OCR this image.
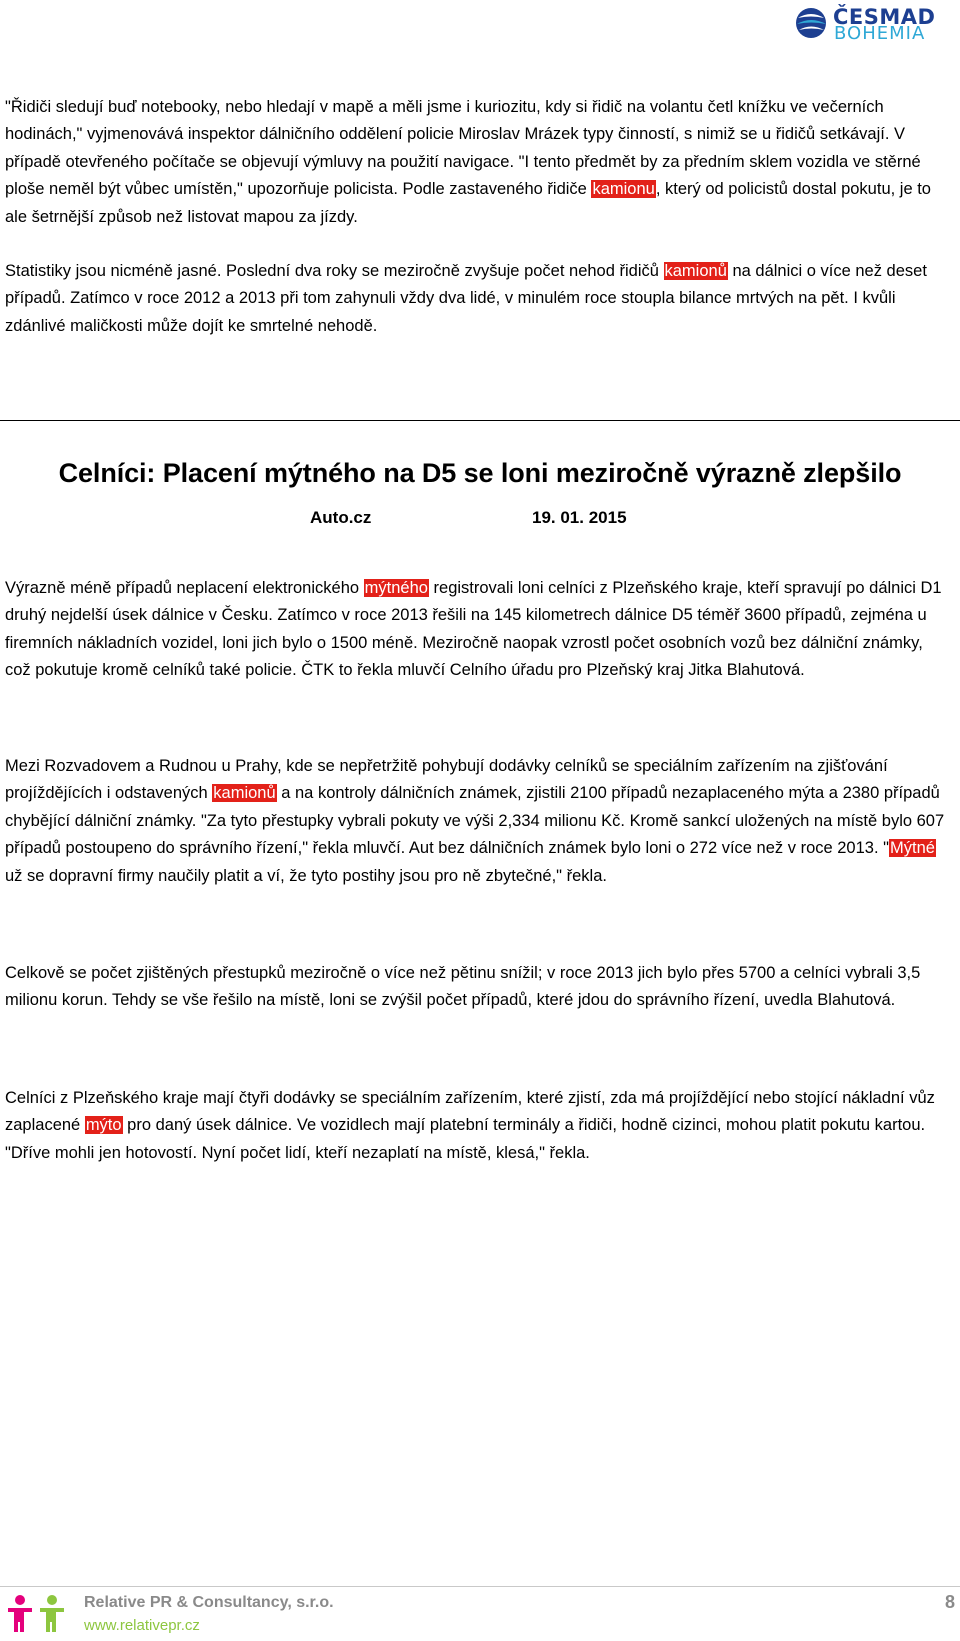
ČESMAD
BOHEMIA

"Řidiči sledují buď notebooky, nebo hledají v mapě a měli jsme i kuriozitu, kdy si řidič na volantu četl knížku ve večerních hodinách," vyjmenovává inspektor dálničního oddělení policie Miroslav Mrázek typy činností, s nimiž se u řidičů setkávají. V případě otevřeného počítače se objevují výmluvy na použití navigace. "I tento předmět by za předním sklem vozidla ve stěrné ploše neměl být vůbec umístěn," upozorňuje policista. Podle zastaveného řidiče kamionu, který od policistů dostal pokutu, je to ale šetrnější způsob než listovat mapou za jízdy.

Statistiky jsou nicméně jasné. Poslední dva roky se meziročně zvyšuje počet nehod řidičů kamionů na dálnici o více než deset případů. Zatímco v roce 2012 a 2013 při tom zahynuli vždy dva lidé, v minulém roce stoupla bilance mrtvých na pět. I kvůli zdánlivé maličkosti může dojít ke smrtelné nehodě.

Celníci: Placení mýtného na D5 se loni meziročně výrazně zlepšilo
Auto.cz	19. 01. 2015

Výrazně méně případů neplacení elektronického mýtného registrovali loni celníci z Plzeňského kraje, kteří spravují po dálnici D1 druhý nejdelší úsek dálnice v Česku. Zatímco v roce 2013 řešili na 145 kilometrech dálnice D5 téměř 3600 případů, zejména u firemních nákladních vozidel, loni jich bylo o 1500 méně. Meziročně naopak vzrostl počet osobních vozů bez dálniční známky, což pokutuje kromě celníků také policie. ČTK to řekla mluvčí Celního úřadu pro Plzeňský kraj Jitka Blahutová.

Mezi Rozvadovem a Rudnou u Prahy, kde se nepřetržitě pohybují dodávky celníků se speciálním zařízením na zjišťování projíždějících i odstavených kamionů a na kontroly dálničních známek, zjistili 2100 případů nezaplaceného mýta a 2380 případů chybějící dálniční známky. "Za tyto přestupky vybrali pokuty ve výši 2,334 milionu Kč. Kromě sankcí uložených na místě bylo 607 případů postoupeno do správního řízení," řekla mluvčí. Aut bez dálničních známek bylo loni o 272 více než v roce 2013. "Mýtné už se dopravní firmy naučily platit a ví, že tyto postihy jsou pro ně zbytečné," řekla.

Celkově se počet zjištěných přestupků meziročně o více než pětinu snížil; v roce 2013 jich bylo přes 5700 a celníci vybrali 3,5 milionu korun. Tehdy se vše řešilo na místě, loni se zvýšil počet případů, které jdou do správního řízení, uvedla Blahutová.

Celníci z Plzeňského kraje mají čtyři dodávky se speciálním zařízením, které zjistí, zda má projíždějící nebo stojící nákladní vůz zaplacené mýto pro daný úsek dálnice. Ve vozidlech mají platební terminály a řidiči, hodně cizinci, mohou platit pokutu kartou. "Dříve mohli jen hotovostí. Nyní počet lidí, kteří nezaplatí na místě, klesá," řekla.

Relative PR & Consultancy, s.r.o.
www.relativepr.cz
8
